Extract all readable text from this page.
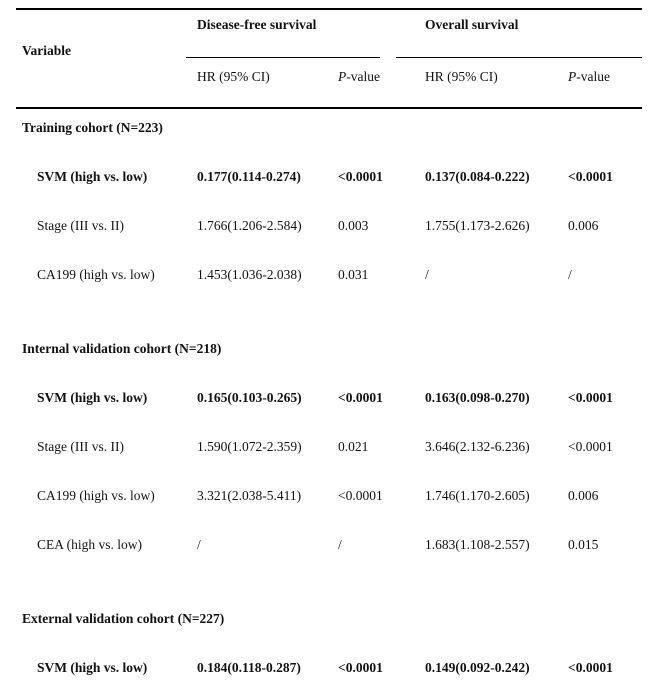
Variable
Disease-free survival	Overall survival
HR (95% CI)	P-value	HR (95% CI)	P-value
Training cohort (N=223)
SVM (high vs. low)	0.177(0.114-0.274)	<0.0001	0.137(0.084-0.222)	<0.0001
Stage (III vs. II)	1.766(1.206-2.584)	0.003	1.755(1.173-2.626)	0.006
CA199 (high vs. low)	1.453(1.036-2.038)	0.031	/	/
Internal validation cohort (N=218)
SVM (high vs. low)	0.165(0.103-0.265)	<0.0001	0.163(0.098-0.270)	<0.0001
Stage (III vs. II)	1.590(1.072-2.359)	0.021	3.646(2.132-6.236)	<0.0001
CA199 (high vs. low)	3.321(2.038-5.411)	<0.0001	1.746(1.170-2.605)	0.006
CEA (high vs. low)	/	/	1.683(1.108-2.557)	0.015
External validation cohort (N=227)
SVM (high vs. low)	0.184(0.118-0.287)	<0.0001	0.149(0.092-0.242)	<0.0001
